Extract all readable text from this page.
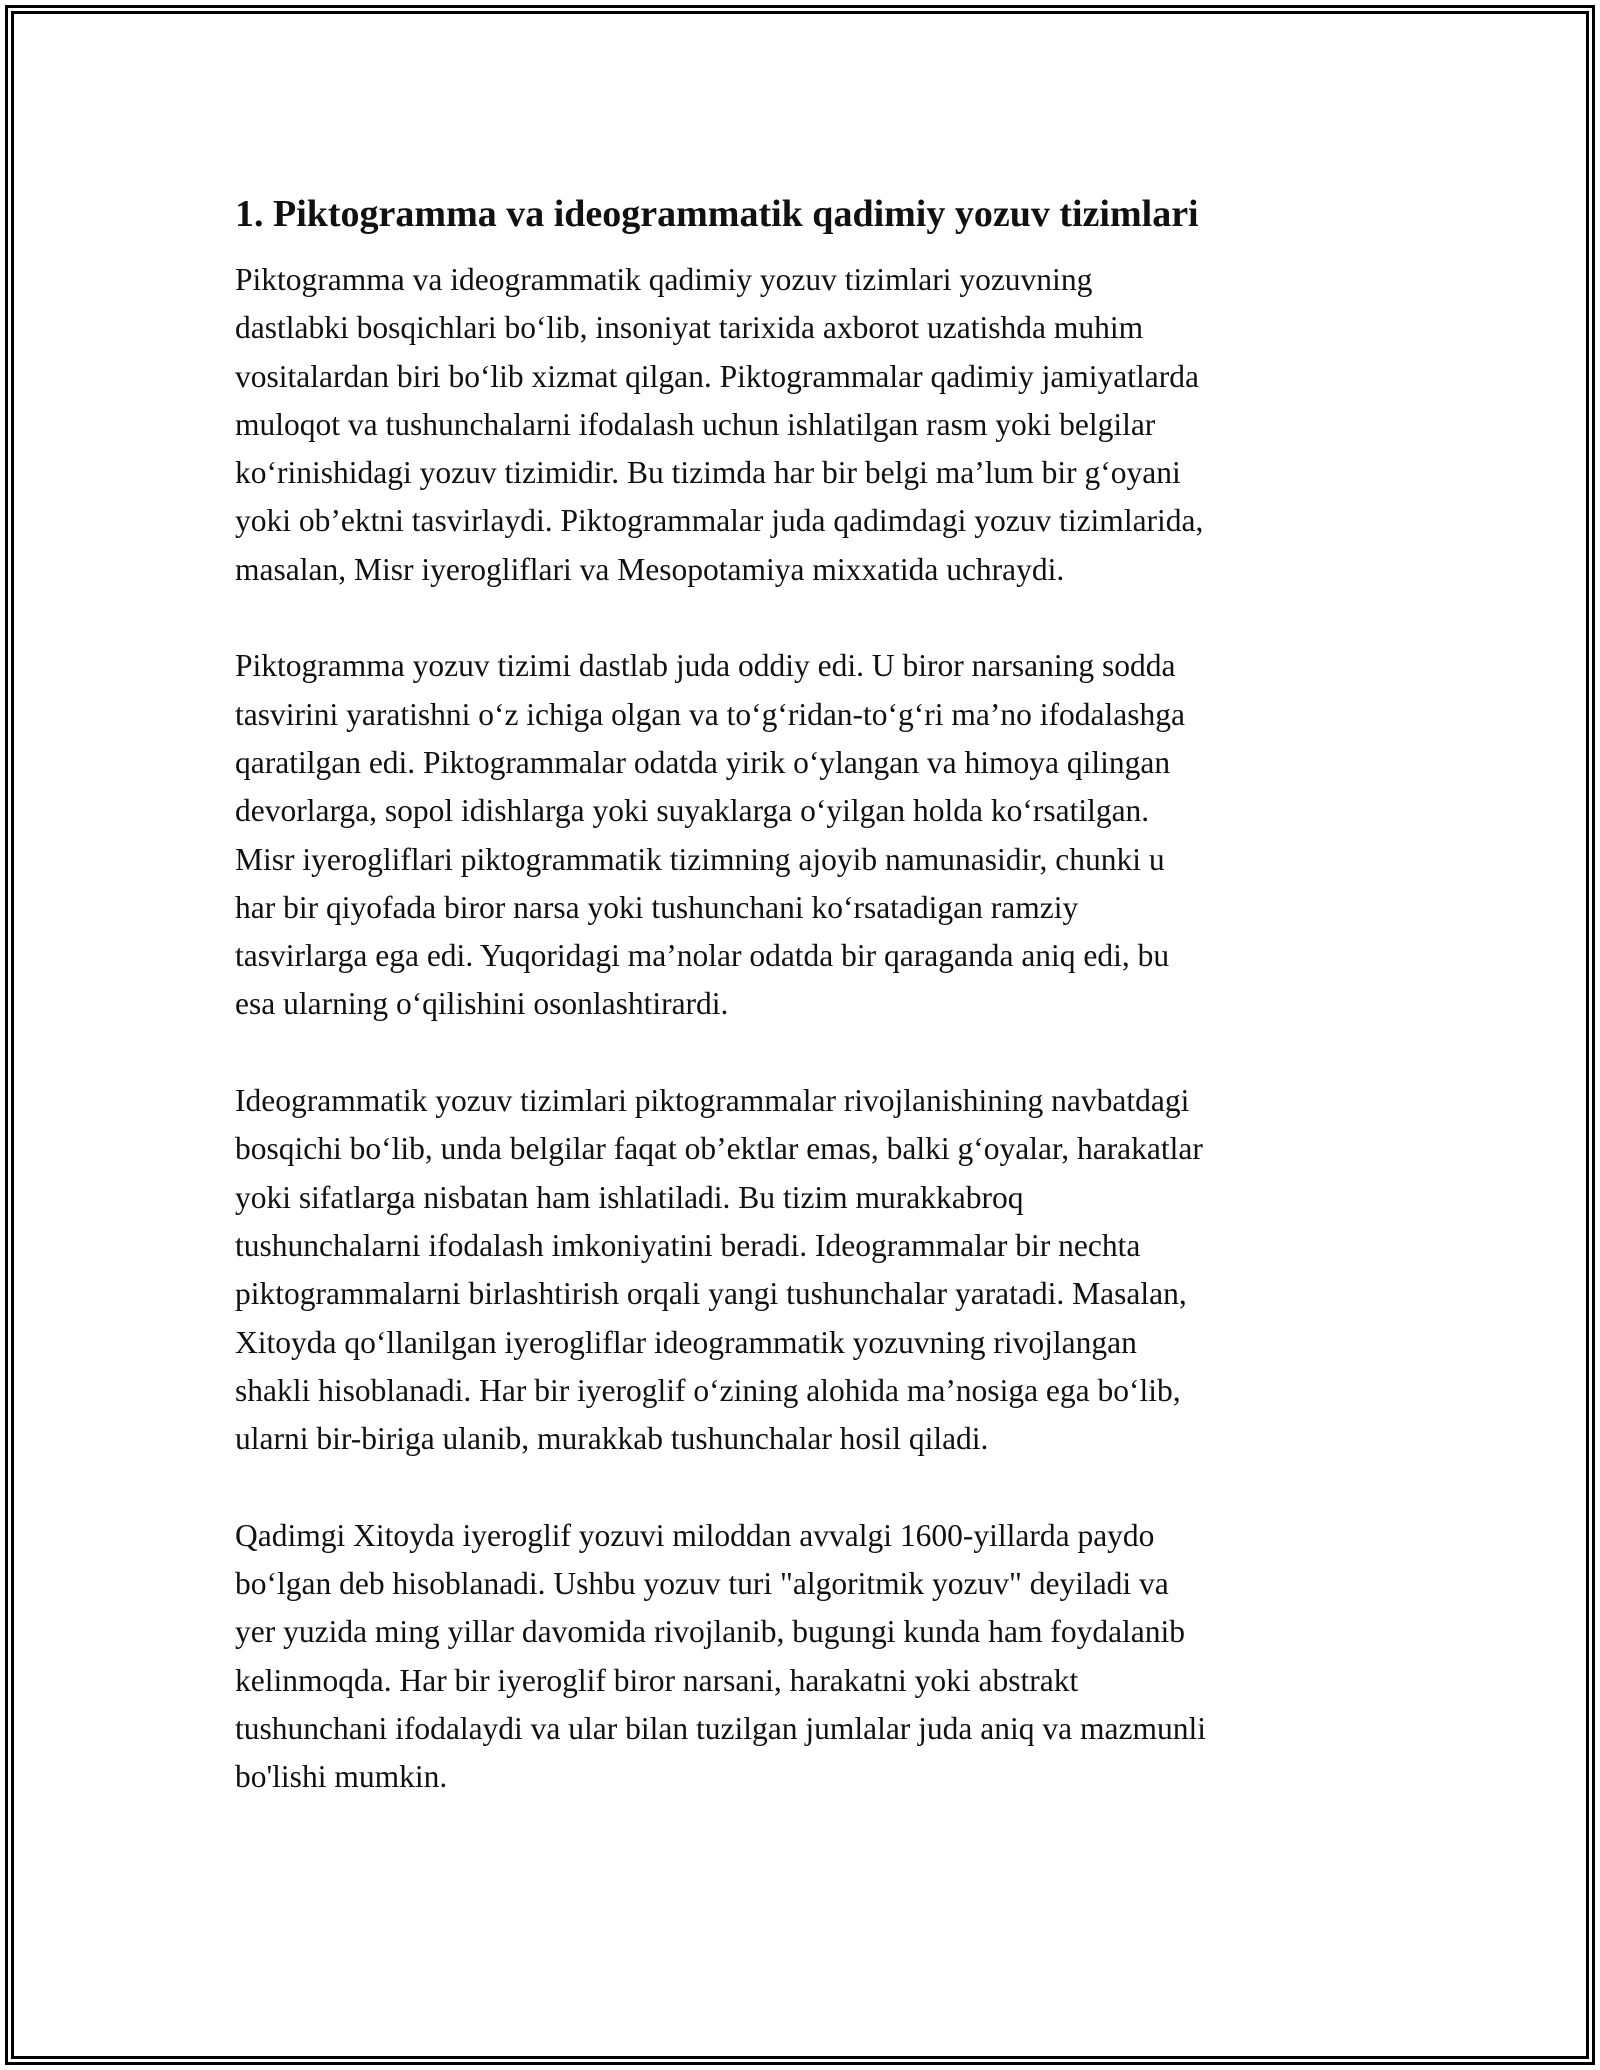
1. Piktogramma va ideogrammatik qadimiy yozuv tizimlari
Piktogramma va ideogrammatik qadimiy yozuv tizimlari yozuvning
dastlabki bosqichlari bo‘lib, insoniyat tarixida axborot uzatishda muhim
vositalardan biri bo‘lib xizmat qilgan. Piktogrammalar qadimiy jamiyatlarda
muloqot va tushunchalarni ifodalash uchun ishlatilgan rasm yoki belgilar
ko‘rinishidagi yozuv tizimidir. Bu tizimda har bir belgi ma’lum bir g‘oyani
yoki ob’ektni tasvirlaydi. Piktogrammalar juda qadimdagi yozuv tizimlarida,
masalan, Misr iyerogliflari va Mesopotamiya mixxatida uchraydi.
Piktogramma yozuv tizimi dastlab juda oddiy edi. U biror narsaning sodda
tasvirini yaratishni o‘z ichiga olgan va to‘g‘ridan-to‘g‘ri ma’no ifodalashga
qaratilgan edi. Piktogrammalar odatda yirik o‘ylangan va himoya qilingan
devorlarga, sopol idishlarga yoki suyaklarga o‘yilgan holda ko‘rsatilgan.
Misr iyerogliflari piktogrammatik tizimning ajoyib namunasidir, chunki u
har bir qiyofada biror narsa yoki tushunchani ko‘rsatadigan ramziy
tasvirlarga ega edi. Yuqoridagi ma’nolar odatda bir qaraganda aniq edi, bu
esa ularning o‘qilishini osonlashtirardi.
Ideogrammatik yozuv tizimlari piktogrammalar rivojlanishining navbatdagi
bosqichi bo‘lib, unda belgilar faqat ob’ektlar emas, balki g‘oyalar, harakatlar
yoki sifatlarga nisbatan ham ishlatiladi. Bu tizim murakkabroq
tushunchalarni ifodalash imkoniyatini beradi. Ideogrammalar bir nechta
piktogrammalarni birlashtirish orqali yangi tushunchalar yaratadi. Masalan,
Xitoyda qo‘llanilgan iyerogliflar ideogrammatik yozuvning rivojlangan
shakli hisoblanadi. Har bir iyeroglif o‘zining alohida ma’nosiga ega bo‘lib,
ularni bir-biriga ulanib, murakkab tushunchalar hosil qiladi.
Qadimgi Xitoyda iyeroglif yozuvi miloddan avvalgi 1600-yillarda paydo
bo‘lgan deb hisoblanadi. Ushbu yozuv turi "algoritmik yozuv" deyiladi va
yer yuzida ming yillar davomida rivojlanib, bugungi kunda ham foydalanib
kelinmoqda. Har bir iyeroglif biror narsani, harakatni yoki abstrakt
tushunchani ifodalaydi va ular bilan tuzilgan jumlalar juda aniq va mazmunli
bo'lishi mumkin.
